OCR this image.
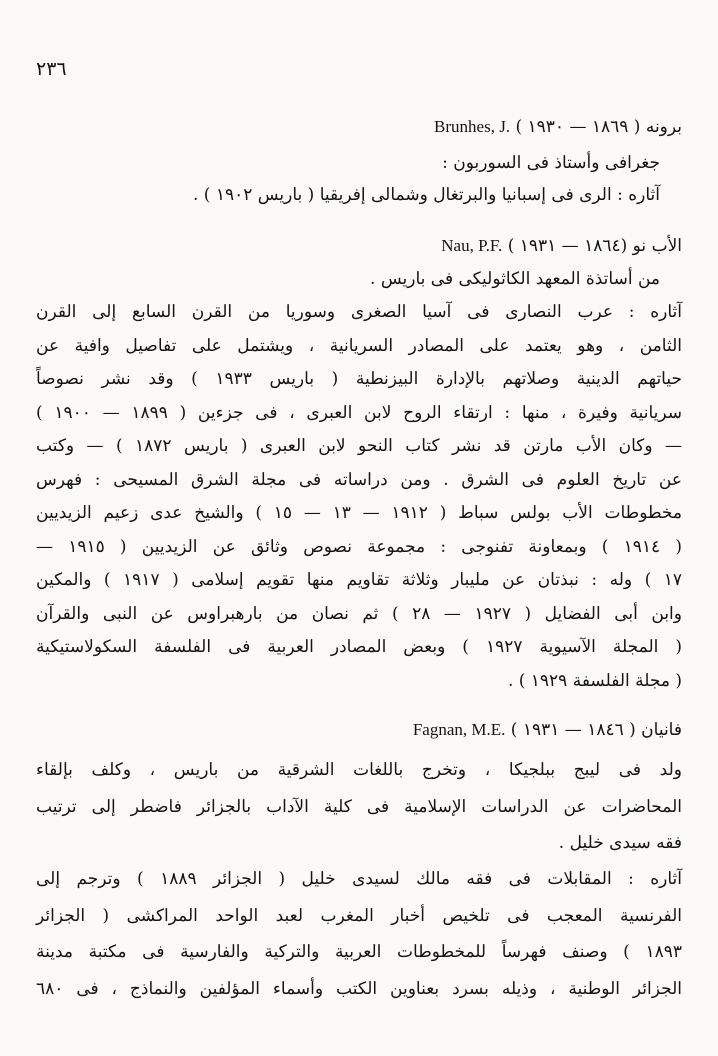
٢٣٦
برونه ( ١٨٦٩ — ١٩٣٠ ) Brunhes, J.
جغرافى وأستاذ فى السوربون :
آثاره : الرى فى إسبانيا والبرتغال وشمالى إفريقيا ( باريس ١٩٠٢ ) .
الأب نو (١٨٦٤ — ١٩٣١ ) Nau, P.F.
من أساتذة المعهد الكاثوليكى فى باريس .
آثاره : عرب النصارى فى آسيا الصغرى وسوريا من القرن السابع إلى القرن
الثامن ، وهو يعتمد على المصادر السريانية ، ويشتمل على تفاصيل وافية عن
حياتهم الدينية وصلاتهم بالإدارة البيزنطية ( باريس ١٩٣٣ ) وقد نشر نصوصاً
سريانية وفيرة ، منها : ارتقاء الروح لابن العبرى ، فى جزءين ( ١٨٩٩ — ١٩٠٠ )
— وكان الأب مارتن قد نشر كتاب النحو لابن العبرى ( باريس ١٨٧٢ ) — وكتب
عن تاريخ العلوم فى الشرق . ومن دراساته فى مجلة الشرق المسيحى : فهرس
مخطوطات الأب بولس سباط ( ١٩١٢ — ١٣ — ١٥ ) والشيخ عدى زعيم الزيديين
( ١٩١٤ ) وبمعاونة تفنوجى : مجموعة نصوص وثائق عن الزيديين ( ١٩١٥ —
١٧ ) وله : نبذتان عن مليبار وثلاثة تقاويم منها تقويم إسلامى ( ١٩١٧ ) والمكين
وابن أبى الفضايل ( ١٩٢٧ — ٢٨ ) ثم نصان من بارهبراوس عن النبى والقرآن
( المجلة الآسيوية ١٩٢٧ ) وبعض المصادر العربية فى الفلسفة السكولاستيكية
( مجلة الفلسفة ١٩٢٩ ) .
فانيان ( ١٨٤٦ — ١٩٣١ ) Fagnan, M.E.
ولد فى ليبج ببلجيكا ، وتخرج باللغات الشرقية من باريس ، وكلف بإلقاء
المحاضرات عن الدراسات الإسلامية فى كلية الآداب بالجزائر فاضطر إلى ترتيب
فقه سيدى خليل .
آثاره : المقابلات فى فقه مالك لسيدى خليل ( الجزائر ١٨٨٩ ) وترجم إلى
الفرنسية المعجب فى تلخيص أخبار المغرب لعبد الواحد المراكشى ( الجزائر
١٨٩٣ ) وصنف فهرساً للمخطوطات العربية والتركية والفارسية فى مكتبة مدينة
الجزائر الوطنية ، وذيله بسرد بعناوين الكتب وأسماء المؤلفين والنماذج ، فى ٦٨٠
